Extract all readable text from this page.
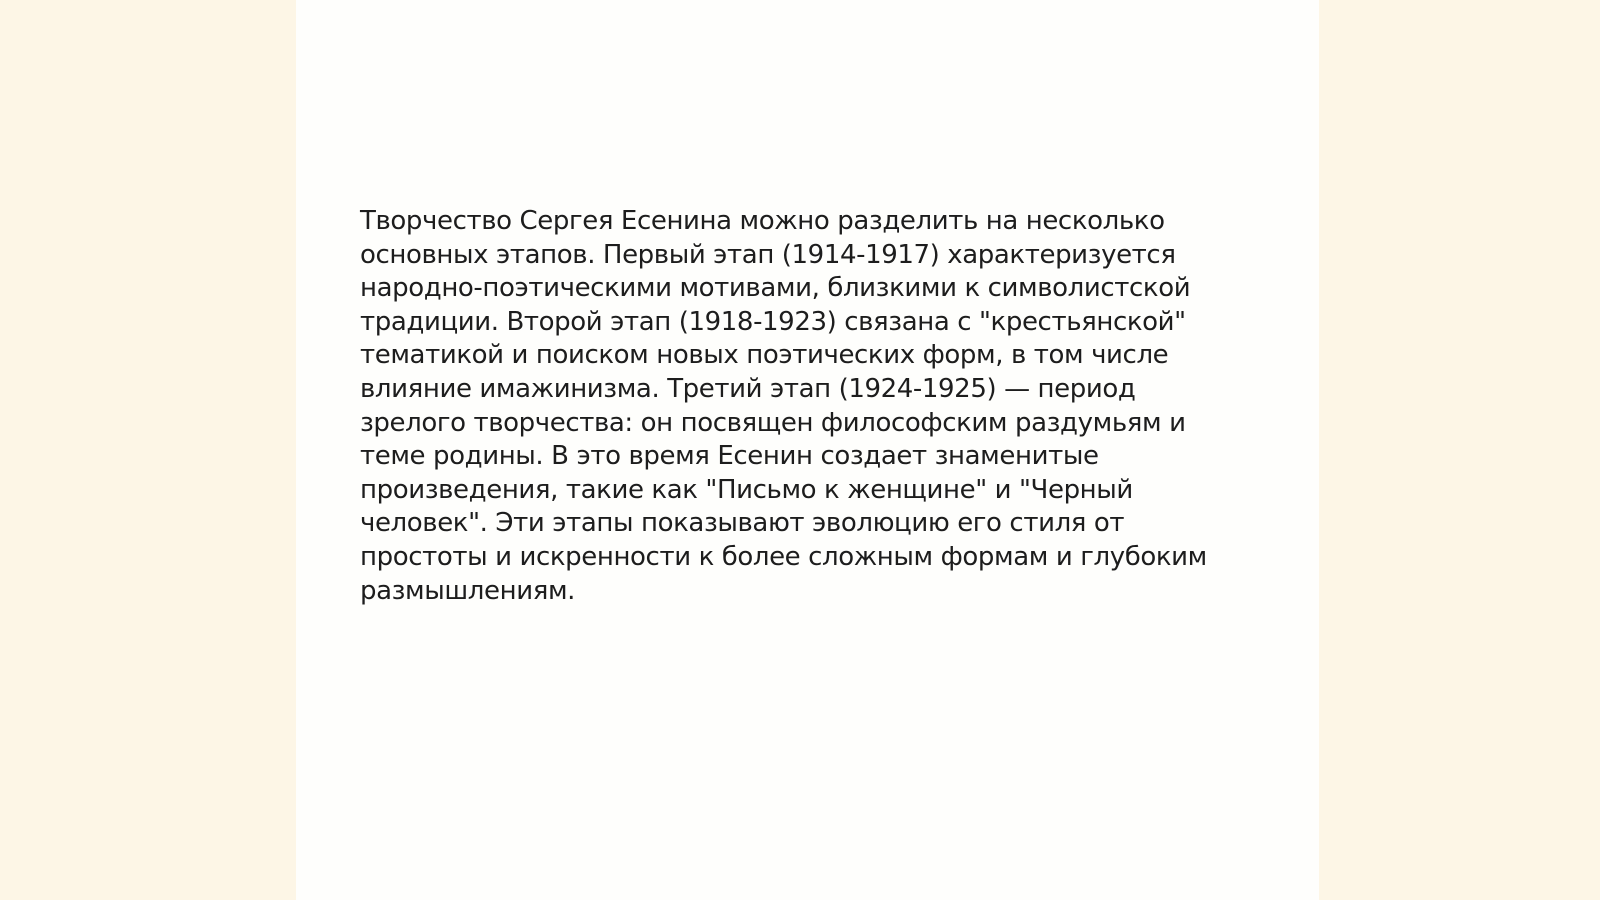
Творчество Сергея Есенина можно разделить на несколько
основных этапов. Первый этап (1914-1917) характеризуется
народно-поэтическими мотивами, близкими к символистской
традиции. Второй этап (1918-1923) связана с "крестьянской"
тематикой и поиском новых поэтических форм, в том числе
влияние имажинизма. Третий этап (1924-1925) — период
зрелого творчества: он посвящен философским раздумьям и
теме родины. В это время Есенин создает знаменитые
произведения, такие как "Письмо к женщине" и "Черный
человек". Эти этапы показывают эволюцию его стиля от
простоты и искренности к более сложным формам и глубоким
размышлениям.
